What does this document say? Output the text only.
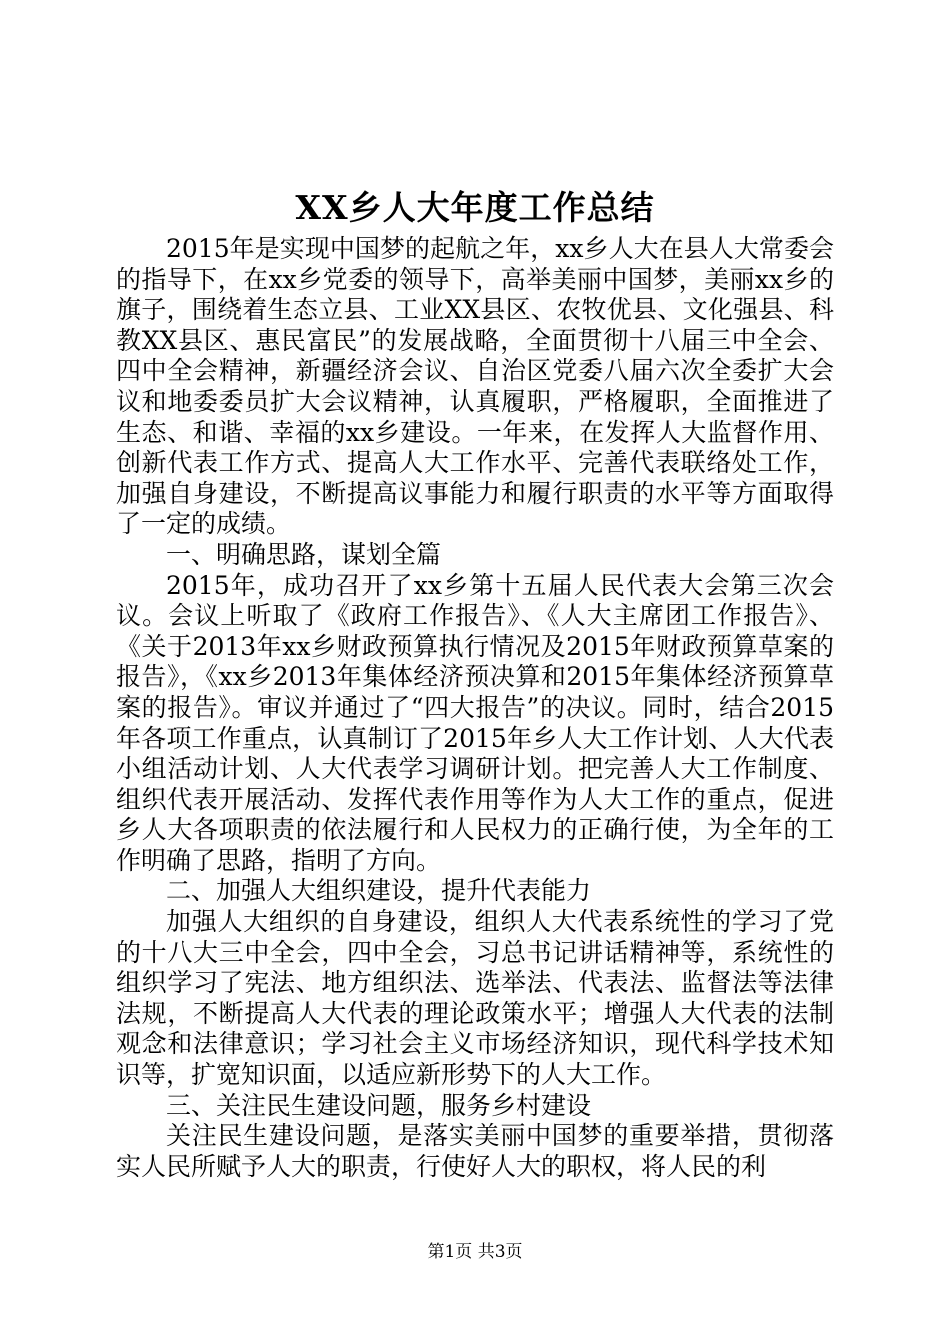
XX乡人大年度工作总结

2015年是实现中国梦的起航之年，xx乡人大在县人大常委会的指导下，在xx乡党委的领导下，高举美丽中国梦，美丽xx乡的旗子，围绕着生态立县、工业XX县区、农牧优县、文化强县、科教XX县区、惠民富民”的发展战略，全面贯彻十八届三中全会、四中全会精神，新疆经济会议、自治区党委八届六次全委扩大会议和地委委员扩大会议精神，认真履职，严格履职，全面推进了生态、和谐、幸福的xx乡建设。一年来，在发挥人大监督作用、创新代表工作方式、提高人大工作水平、完善代表联络处工作，加强自身建设，不断提高议事能力和履行职责的水平等方面取得了一定的成绩。

一、明确思路，谋划全篇

2015年，成功召开了xx乡第十五届人民代表大会第三次会议。会议上听取了《政府工作报告》、《人大主席团工作报告》、《关于2013年xx乡财政预算执行情况及2015年财政预算草案的报告》，《xx乡2013年集体经济预决算和2015年集体经济预算草案的报告》。审议并通过了“四大报告”的决议。同时，结合2015年各项工作重点，认真制订了2015年乡人大工作计划、人大代表小组活动计划、人大代表学习调研计划。把完善人大工作制度、组织代表开展活动、发挥代表作用等作为人大工作的重点，促进乡人大各项职责的依法履行和人民权力的正确行使，为全年的工作明确了思路，指明了方向。

二、加强人大组织建设，提升代表能力

加强人大组织的自身建设，组织人大代表系统性的学习了党的十八大三中全会，四中全会，习总书记讲话精神等，系统性的组织学习了宪法、地方组织法、选举法、代表法、监督法等法律法规，不断提高人大代表的理论政策水平；增强人大代表的法制观念和法律意识；学习社会主义市场经济知识，现代科学技术知识等，扩宽知识面，以适应新形势下的人大工作。

三、关注民生建设问题，服务乡村建设

关注民生建设问题，是落实美丽中国梦的重要举措，贯彻落实人民所赋予人大的职责，行使好人大的职权，将人民的利

第1页 共3页
